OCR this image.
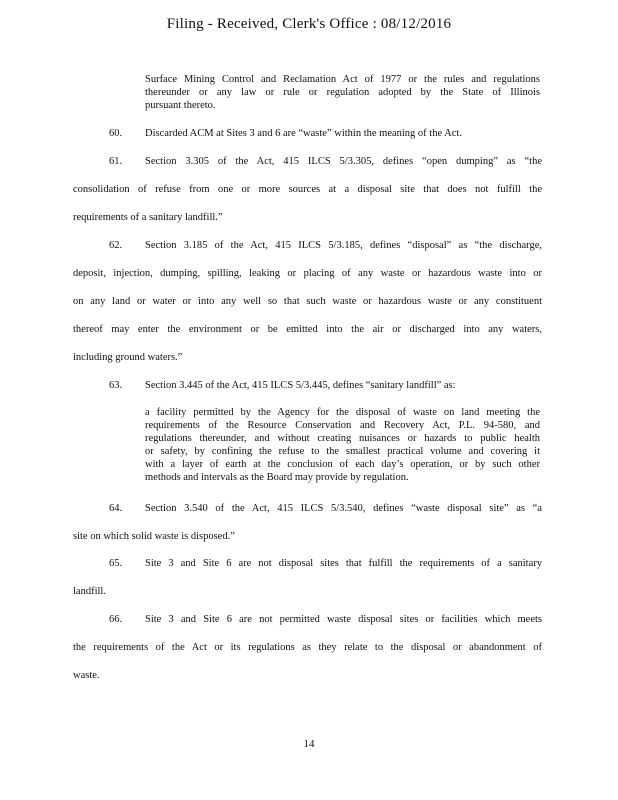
Filing - Received, Clerk's Office : 08/12/2016
Surface Mining Control and Reclamation Act of 1977 or the rules and regulations
thereunder or any law or rule or regulation adopted by the State of Illinois
pursuant thereto.
60. Discarded ACM at Sites 3 and 6 are “waste” within the meaning of the Act.
61. Section 3.305 of the Act, 415 ILCS 5/3.305, defines “open dumping” as “the
consolidation of refuse from one or more sources at a disposal site that does not fulfill the
requirements of a sanitary landfill.”
62. Section 3.185 of the Act, 415 ILCS 5/3.185, defines “disposal” as “the discharge,
deposit, injection, dumping, spilling, leaking or placing of any waste or hazardous waste into or
on any land or water or into any well so that such waste or hazardous waste or any constituent
thereof may enter the environment or be emitted into the air or discharged into any waters,
including ground waters.”
63. Section 3.445 of the Act, 415 ILCS 5/3.445, defines “sanitary landfill” as:
a facility permitted by the Agency for the disposal of waste on land meeting the
requirements of the Resource Conservation and Recovery Act, P.L. 94-580, and
regulations thereunder, and without creating nuisances or hazards to public health
or safety, by confining the refuse to the smallest practical volume and covering it
with a layer of earth at the conclusion of each day’s operation, or by such other
methods and intervals as the Board may provide by regulation.
64. Section 3.540 of the Act, 415 ILCS 5/3.540, defines “waste disposal site” as “a
site on which solid waste is disposed.”
65. Site 3 and Site 6 are not disposal sites that fulfill the requirements of a sanitary
landfill.
66. Site 3 and Site 6 are not permitted waste disposal sites or facilities which meets
the requirements of the Act or its regulations as they relate to the disposal or abandonment of
waste.
14
